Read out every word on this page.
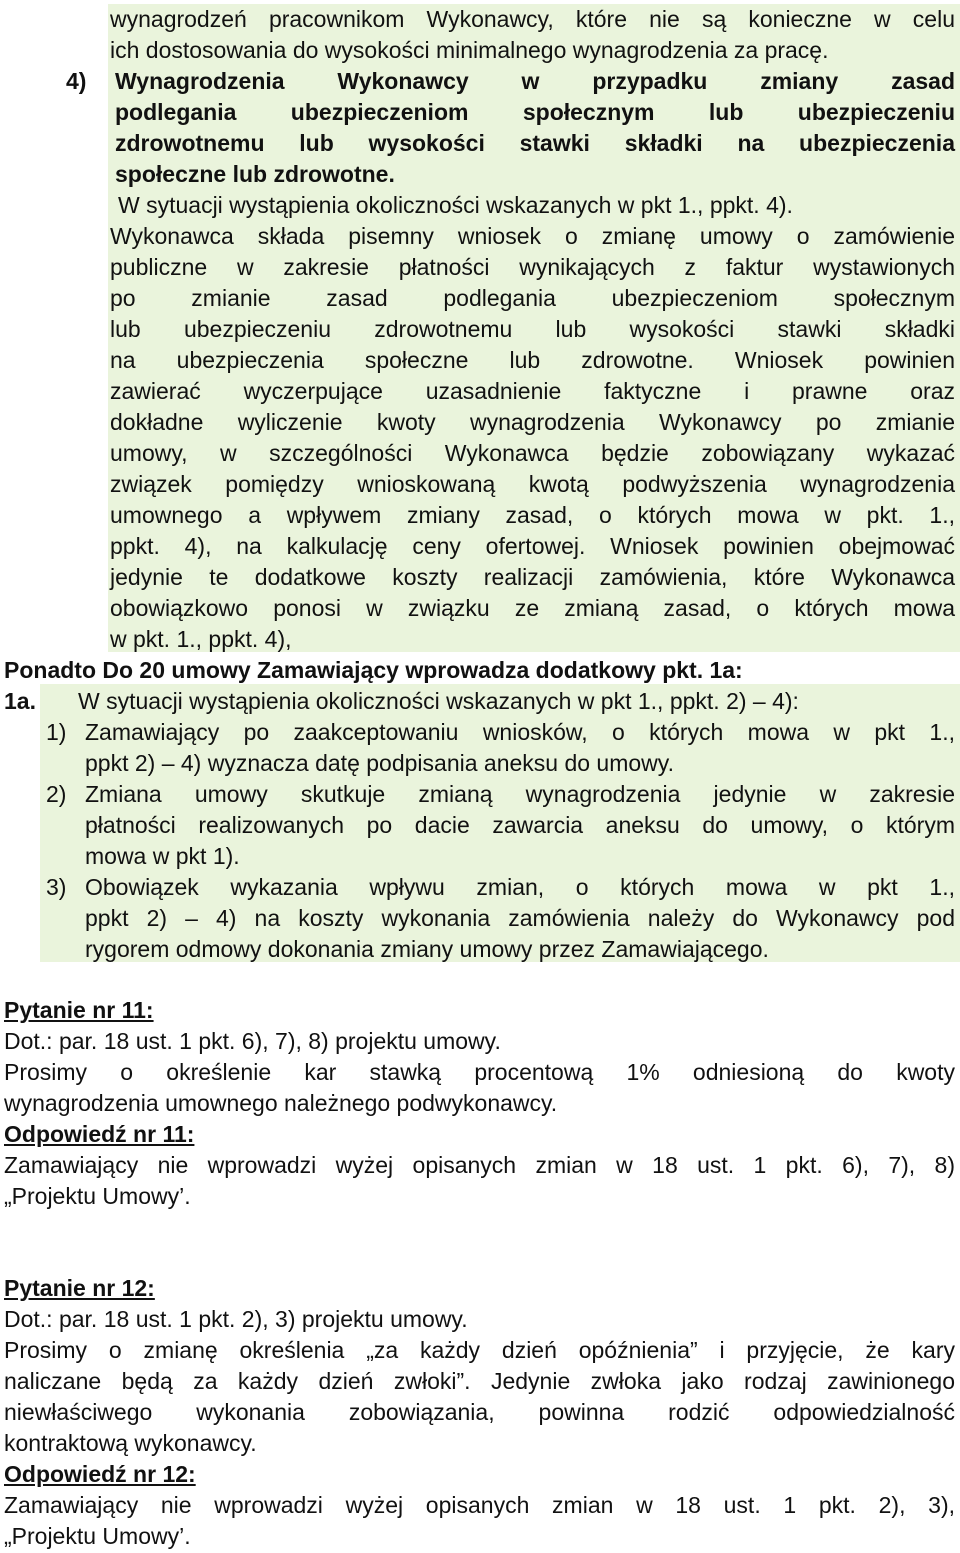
wynagrodzeń pracownikom Wykonawcy, które nie są konieczne w celu
ich dostosowania do wysokości minimalnego wynagrodzenia za pracę.
4) Wynagrodzenia Wykonawcy w przypadku zmiany zasad
podlegania ubezpieczeniom społecznym lub ubezpieczeniu
zdrowotnemu lub wysokości stawki składki na ubezpieczenia
społeczne lub zdrowotne.
W sytuacji wystąpienia okoliczności wskazanych w pkt 1., ppkt. 4).
Wykonawca składa pisemny wniosek o zmianę umowy o zamówienie
publiczne w zakresie płatności wynikających z faktur wystawionych
po zmianie zasad podlegania ubezpieczeniom społecznym
lub ubezpieczeniu zdrowotnemu lub wysokości stawki składki
na ubezpieczenia społeczne lub zdrowotne. Wniosek powinien
zawierać wyczerpujące uzasadnienie faktyczne i prawne oraz
dokładne wyliczenie kwoty wynagrodzenia Wykonawcy po zmianie
umowy, w szczególności Wykonawca będzie zobowiązany wykazać
związek pomiędzy wnioskowaną kwotą podwyższenia wynagrodzenia
umownego a wpływem zmiany zasad, o których mowa w pkt. 1.,
ppkt. 4), na kalkulację ceny ofertowej. Wniosek powinien obejmować
jedynie te dodatkowe koszty realizacji zamówienia, które Wykonawca
obowiązkowo ponosi w związku ze zmianą zasad, o których mowa
w pkt. 1., ppkt. 4),
Ponadto Do 20 umowy Zamawiający wprowadza dodatkowy pkt. 1a:
1a. W sytuacji wystąpienia okoliczności wskazanych w pkt 1., ppkt. 2) – 4):
1) Zamawiający po zaakceptowaniu wniosków, o których mowa w pkt 1.,
ppkt 2) – 4) wyznacza datę podpisania aneksu do umowy.
2) Zmiana umowy skutkuje zmianą wynagrodzenia jedynie w zakresie
płatności realizowanych po dacie zawarcia aneksu do umowy, o którym
mowa w pkt 1).
3) Obowiązek wykazania wpływu zmian, o których mowa w pkt 1.,
ppkt 2) – 4) na koszty wykonania zamówienia należy do Wykonawcy pod
rygorem odmowy dokonania zmiany umowy przez Zamawiającego.
Pytanie nr 11:
Dot.: par. 18 ust. 1 pkt. 6), 7), 8) projektu umowy.
Prosimy o określenie kar stawką procentową 1% odniesioną do kwoty
wynagrodzenia umownego należnego podwykonawcy.
Odpowiedź nr 11:
Zamawiający nie wprowadzi wyżej opisanych zmian w 18 ust. 1 pkt. 6), 7), 8)
„Projektu Umowy’.
Pytanie nr 12:
Dot.: par. 18 ust. 1 pkt. 2), 3) projektu umowy.
Prosimy o zmianę określenia „za każdy dzień opóźnienia” i przyjęcie, że kary
naliczane będą za każdy dzień zwłoki”. Jedynie zwłoka jako rodzaj zawinionego
niewłaściwego wykonania zobowiązania, powinna rodzić odpowiedzialność
kontraktową wykonawcy.
Odpowiedź nr 12:
Zamawiający nie wprowadzi wyżej opisanych zmian w 18 ust. 1 pkt. 2), 3),
„Projektu Umowy’.
